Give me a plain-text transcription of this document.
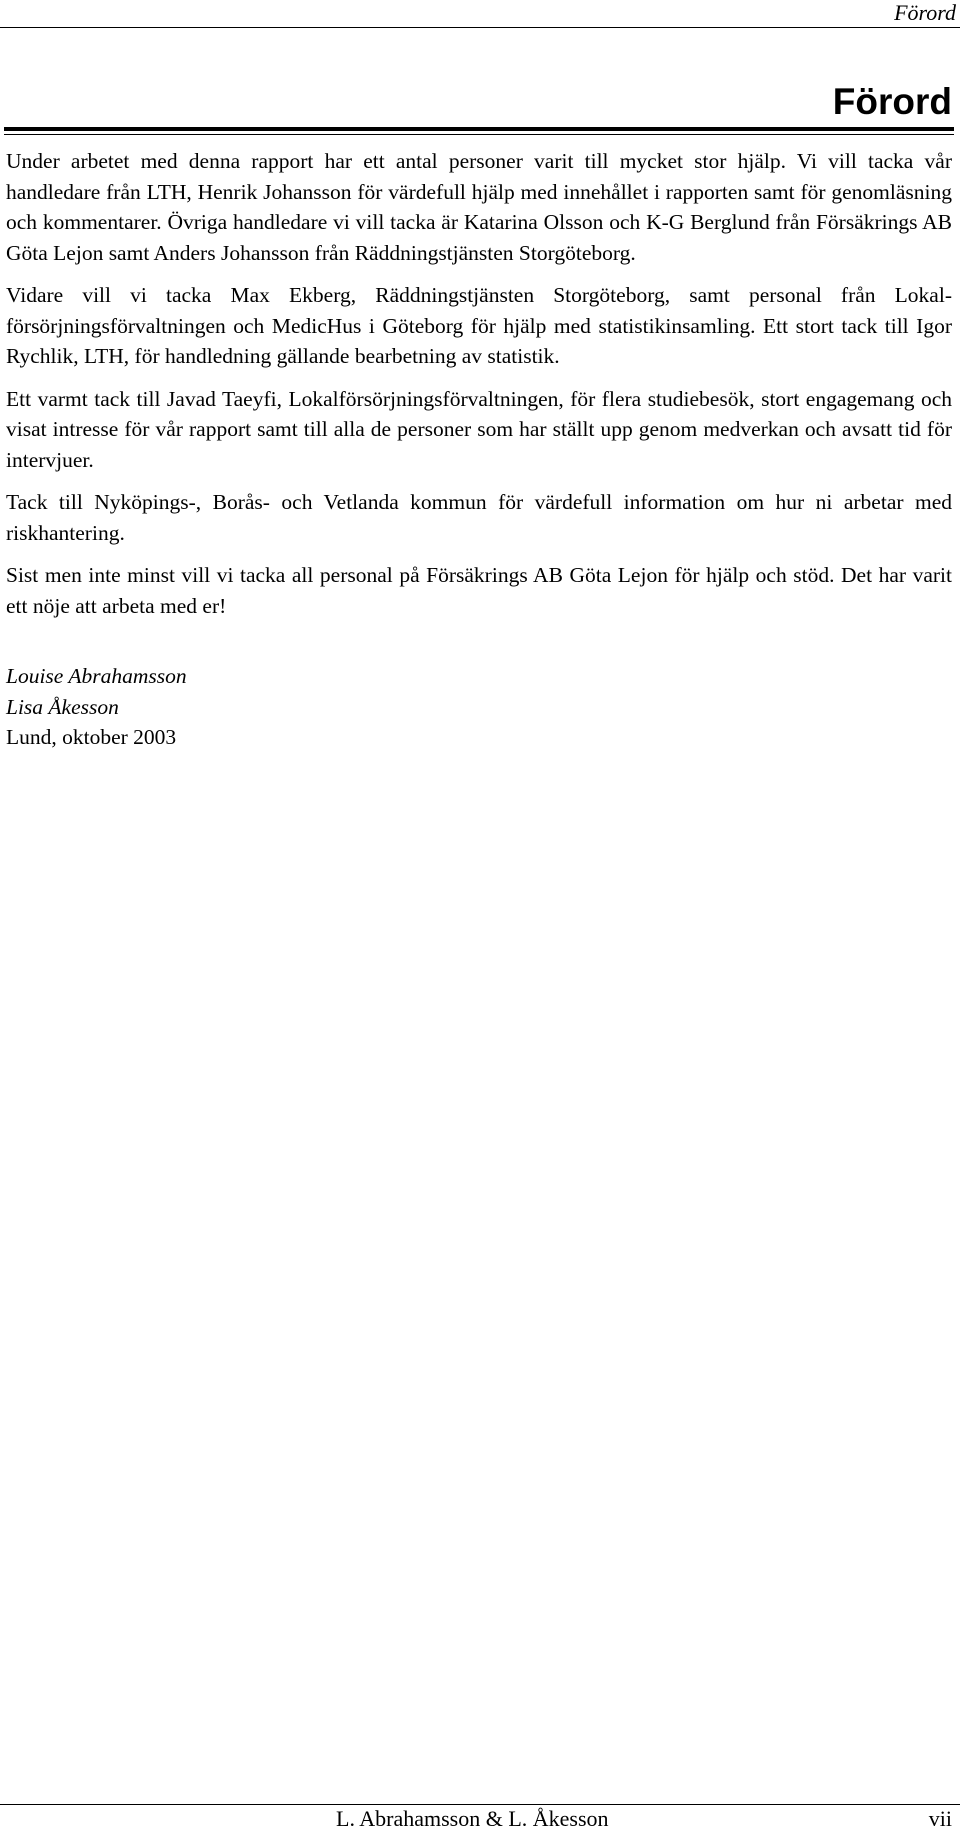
Förord
Förord

Under arbetet med denna rapport har ett antal personer varit till mycket stor hjälp. Vi vill tacka vår handledare från LTH, Henrik Johansson för värdefull hjälp med innehållet i rapporten samt för genomläsning och kommentarer. Övriga handledare vi vill tacka är Katarina Olsson och K-G Berglund från Försäkrings AB Göta Lejon samt Anders Johansson från Räddningstjänsten Storgöteborg.

Vidare vill vi tacka Max Ekberg, Räddningstjänsten Storgöteborg, samt personal från Lokal-försörjningsförvaltningen och MedicHus i Göteborg för hjälp med statistikinsamling. Ett stort tack till Igor Rychlik, LTH, för handledning gällande bearbetning av statistik.

Ett varmt tack till Javad Taeyfi, Lokalförsörjningsförvaltningen, för flera studiebesök, stort engagemang och visat intresse för vår rapport samt till alla de personer som har ställt upp genom medverkan och avsatt tid för intervjuer.

Tack till Nyköpings-, Borås- och Vetlanda kommun för värdefull information om hur ni arbetar med riskhantering.

Sist men inte minst vill vi tacka all personal på Försäkrings AB Göta Lejon för hjälp och stöd. Det har varit ett nöje att arbeta med er!

Louise Abrahamsson
Lisa Åkesson
Lund, oktober 2003
L. Abrahamsson & L. Åkesson	vii
